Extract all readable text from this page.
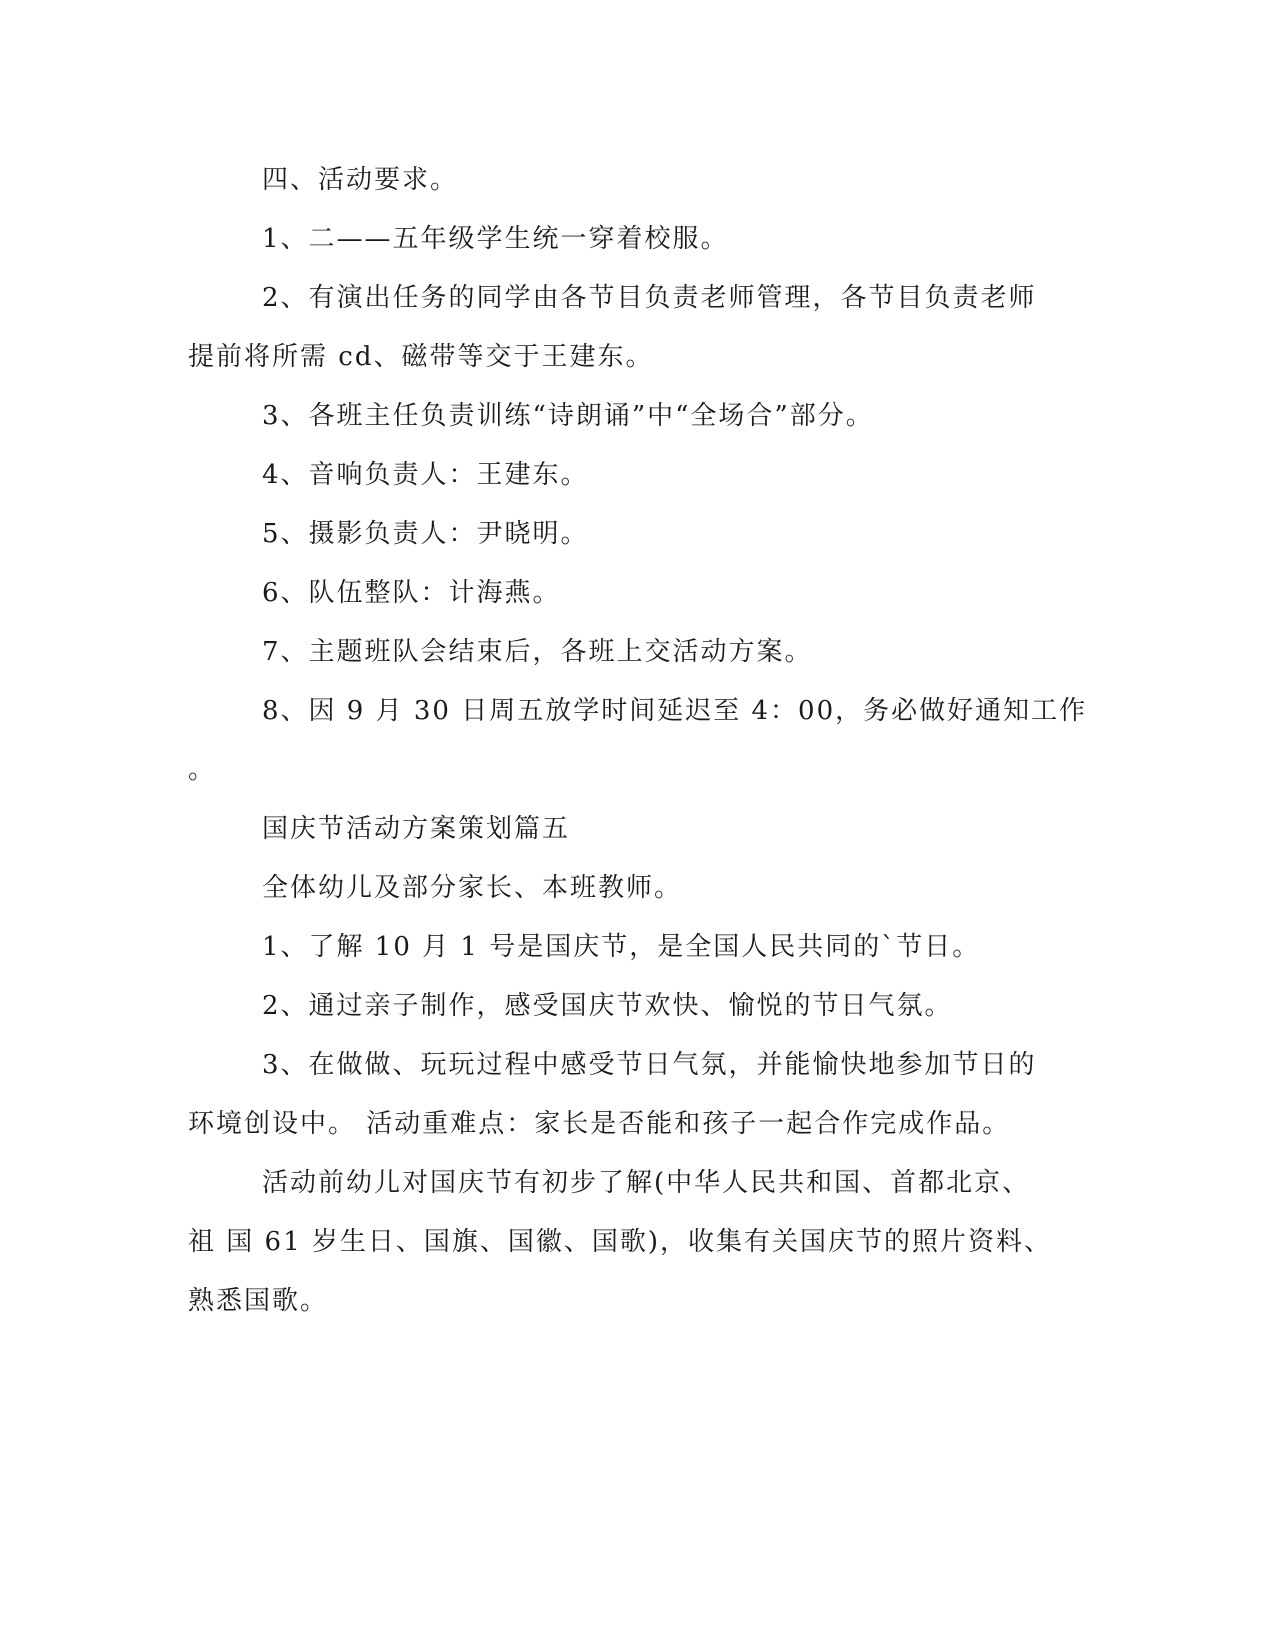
四、活动要求。

1、二——五年级学生统一穿着校服。

2、有演出任务的同学由各节目负责老师管理，各节目负责老师

提前将所需 cd、磁带等交于王建东。

3、各班主任负责训练“诗朗诵”中“全场合”部分。

4、音响负责人：王建东。

5、摄影负责人：尹晓明。

6、队伍整队：计海燕。

7、主题班队会结束后，各班上交活动方案。

8、因 9 月 30 日周五放学时间延迟至 4：00，务必做好通知工作

。

国庆节活动方案策划篇五

全体幼儿及部分家长、本班教师。

1、了解 10 月 1 号是国庆节，是全国人民共同的`节日。

2、通过亲子制作，感受国庆节欢快、愉悦的节日气氛。

3、在做做、玩玩过程中感受节日气氛，并能愉快地参加节日的

环境创设中。 活动重难点：家长是否能和孩子一起合作完成作品。

活动前幼儿对国庆节有初步了解(中华人民共和国、首都北京、

祖 国 61 岁生日、国旗、国徽、国歌)，收集有关国庆节的照片资料、

熟悉国歌。
